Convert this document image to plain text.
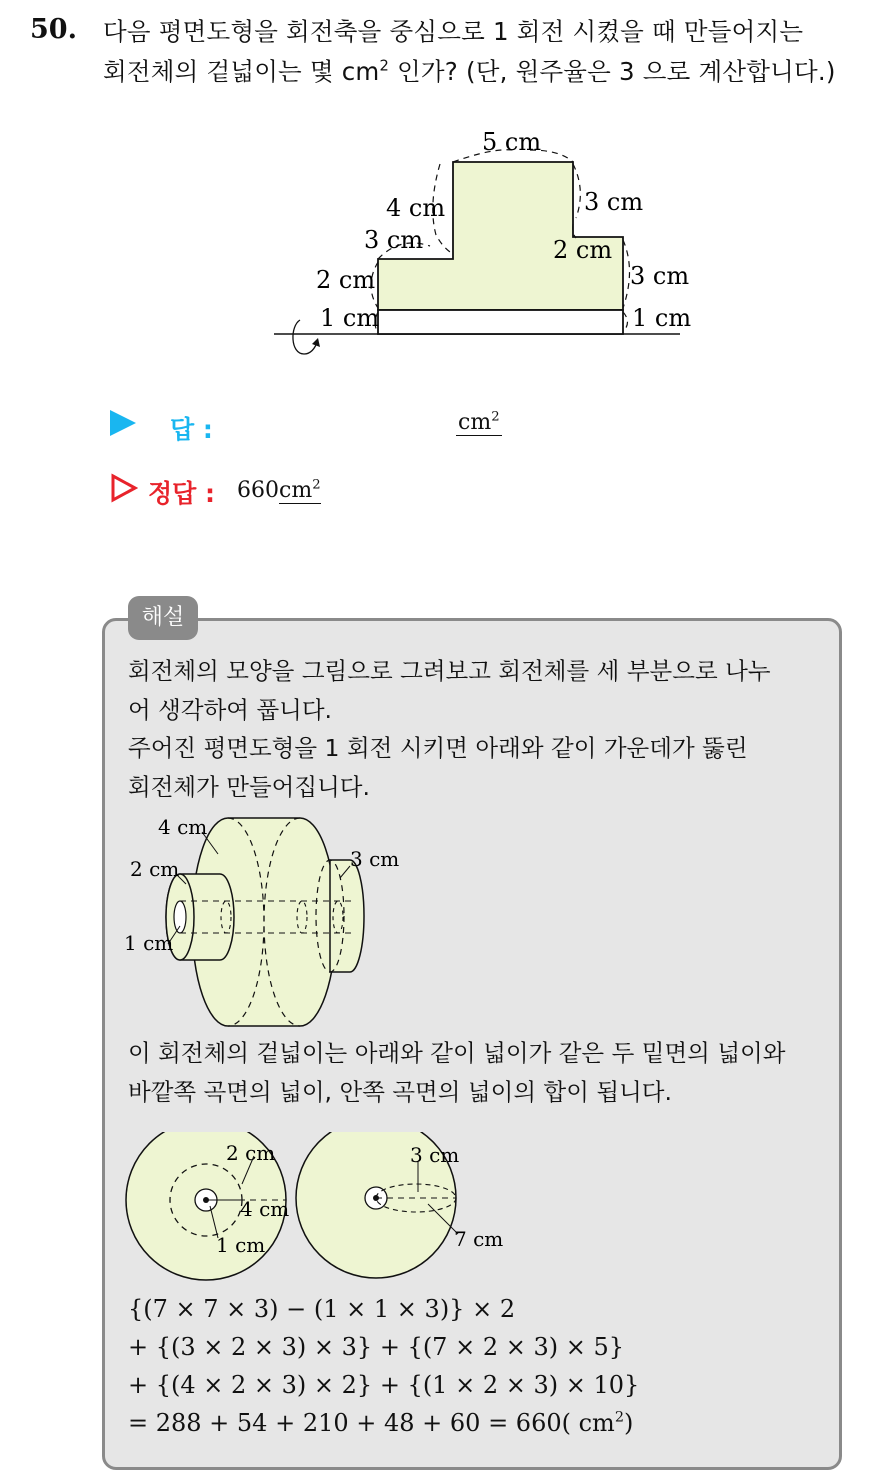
50. 다음 평면도형을 회전축을 중심으로 1 회전 시켰을 때 만들어지는
회전체의 겉넓이는 몇 $cm^2$ 인가? (단, 원주율은 3 으로 계산합니다.)
5 cm
4 cm
3 cm
2 cm
1 cm
3 cm
2 cm
3 cm
1 cm
답 :	$cm^2$
정답 : $660cm^2$
해설
회전체의 모양을 그림으로 그려보고 회전체를 세 부분으로 나누
어 생각하여 풉니다.
주어진 평면도형을 1 회전 시키면 아래와 같이 가운데가 뚫린
회전체가 만들어집니다.
4 cm
2 cm
1 cm
3 cm
이 회전체의 겉넓이는 아래와 같이 넓이가 같은 두 밑면의 넓이와
바깥쪽 곡면의 넓이, 안쪽 곡면의 넓이의 합이 됩니다.
2 cm
4 cm
1 cm
3 cm
7 cm
{(7 × 7 × 3) − (1 × 1 × 3)} × 2
+ {(3 × 2 × 3) × 3} + {(7 × 2 × 3) × 5}
+ {(4 × 2 × 3) × 2} + {(1 × 2 × 3) × 10}
= 288 + 54 + 210 + 48 + 60 = 660( $cm^2$)
